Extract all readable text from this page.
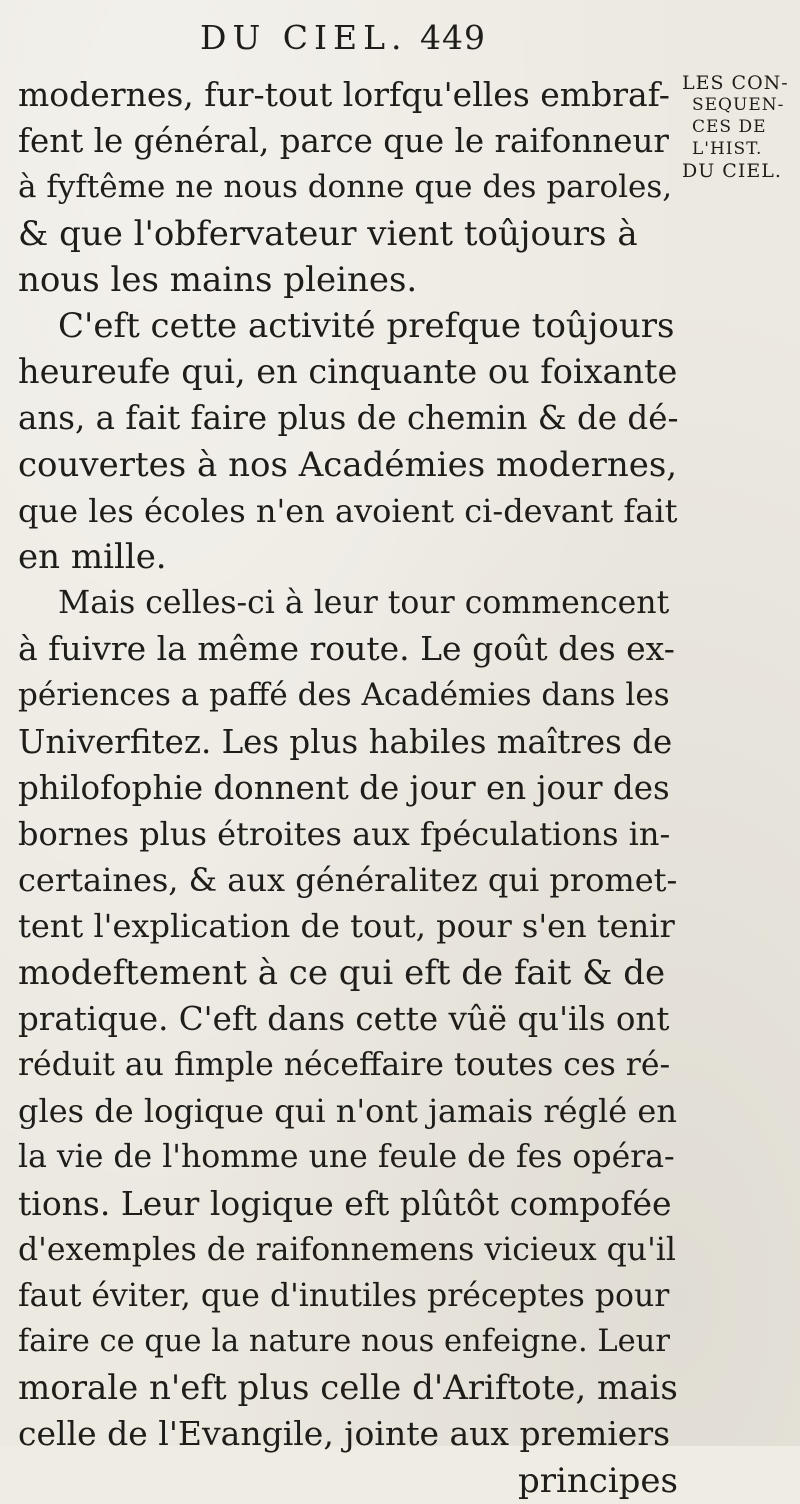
DU CIEL. 449
LES CON-
SEQUEN-
CES DE
L'HIST.
DU CIEL.
modernes, fur-tout lorfqu'elles embraf-
fent le général, parce que le raifonneur
à fyftême ne nous donne que des paroles,
& que l'obfervateur vient toûjours à
nous les mains pleines.
C'eft cette activité prefque toûjours
heureufe qui, en cinquante ou foixante
ans, a fait faire plus de chemin & de dé-
couvertes à nos Académies modernes,
que les écoles n'en avoient ci-devant fait
en mille.
Mais celles-ci à leur tour commencent
à fuivre la même route. Le goût des ex-
périences a paffé des Académies dans les
Univerfitez. Les plus habiles maîtres de
philofophie donnent de jour en jour des
bornes plus étroites aux fpéculations in-
certaines, & aux généralitez qui promet-
tent l'explication de tout, pour s'en tenir
modeftement à ce qui eft de fait & de
pratique. C'eft dans cette vûë qu'ils ont
réduit au fimple néceffaire toutes ces ré-
gles de logique qui n'ont jamais réglé en
la vie de l'homme une feule de fes opéra-
tions. Leur logique eft plûtôt compofée
d'exemples de raifonnemens vicieux qu'il
faut éviter, que d'inutiles préceptes pour
faire ce que la nature nous enfeigne. Leur
morale n'eft plus celle d'Ariftote, mais
celle de l'Evangile, jointe aux premiers
principes
